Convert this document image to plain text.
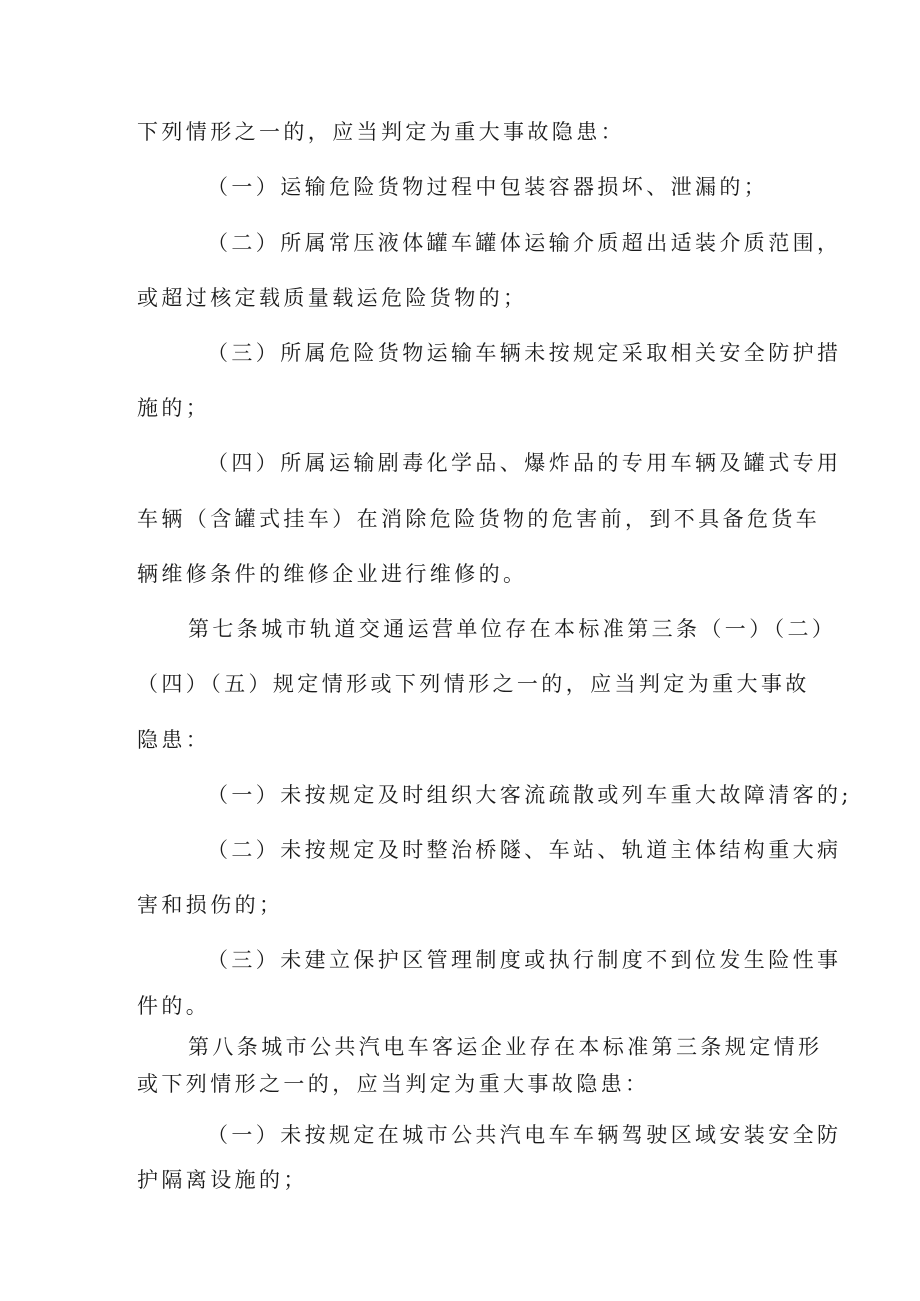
下列情形之一的，应当判定为重大事故隐患：
（一）运输危险货物过程中包装容器损坏、泄漏的；
（二）所属常压液体罐车罐体运输介质超出适装介质范围，
或超过核定载质量载运危险货物的；
（三）所属危险货物运输车辆未按规定采取相关安全防护措
施的；
（四）所属运输剧毒化学品、爆炸品的专用车辆及罐式专用
车辆（含罐式挂车）在消除危险货物的危害前，到不具备危货车
辆维修条件的维修企业进行维修的。
第七条城市轨道交通运营单位存在本标准第三条（一）（二）
（四）（五）规定情形或下列情形之一的，应当判定为重大事故
隐患：
（一）未按规定及时组织大客流疏散或列车重大故障清客的;
（二）未按规定及时整治桥隧、车站、轨道主体结构重大病
害和损伤的；
（三）未建立保护区管理制度或执行制度不到位发生险性事
件的。
第八条城市公共汽电车客运企业存在本标准第三条规定情形
或下列情形之一的，应当判定为重大事故隐患：
（一）未按规定在城市公共汽电车车辆驾驶区域安装安全防
护隔离设施的；
